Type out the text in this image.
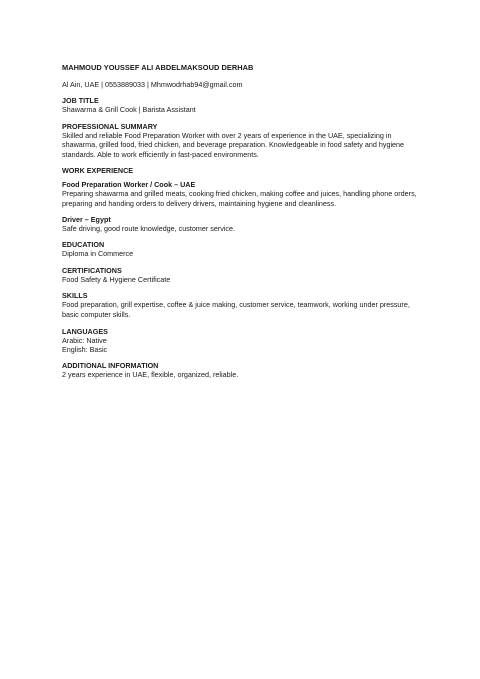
MAHMOUD YOUSSEF ALI ABDELMAKSOUD DERHAB
Al Ain, UAE | 0553889033 | Mhmwodrhab94@gmail.com
JOB TITLE
Shawarma & Grill Cook | Barista Assistant
PROFESSIONAL SUMMARY
Skilled and reliable Food Preparation Worker with over 2 years of experience in the UAE, specializing in shawarma, grilled food, fried chicken, and beverage preparation. Knowledgeable in food safety and hygiene standards. Able to work efficiently in fast-paced environments.
WORK EXPERIENCE
Food Preparation Worker / Cook – UAE
Preparing shawarma and grilled meats, cooking fried chicken, making coffee and juices, handling phone orders, preparing and handing orders to delivery drivers, maintaining hygiene and cleanliness.
Driver – Egypt
Safe driving, good route knowledge, customer service.
EDUCATION
Diploma in Commerce
CERTIFICATIONS
Food Safety & Hygiene Certificate
SKILLS
Food preparation, grill expertise, coffee & juice making, customer service, teamwork, working under pressure, basic computer skills.
LANGUAGES
Arabic: Native
English: Basic
ADDITIONAL INFORMATION
2 years experience in UAE, flexible, organized, reliable.
